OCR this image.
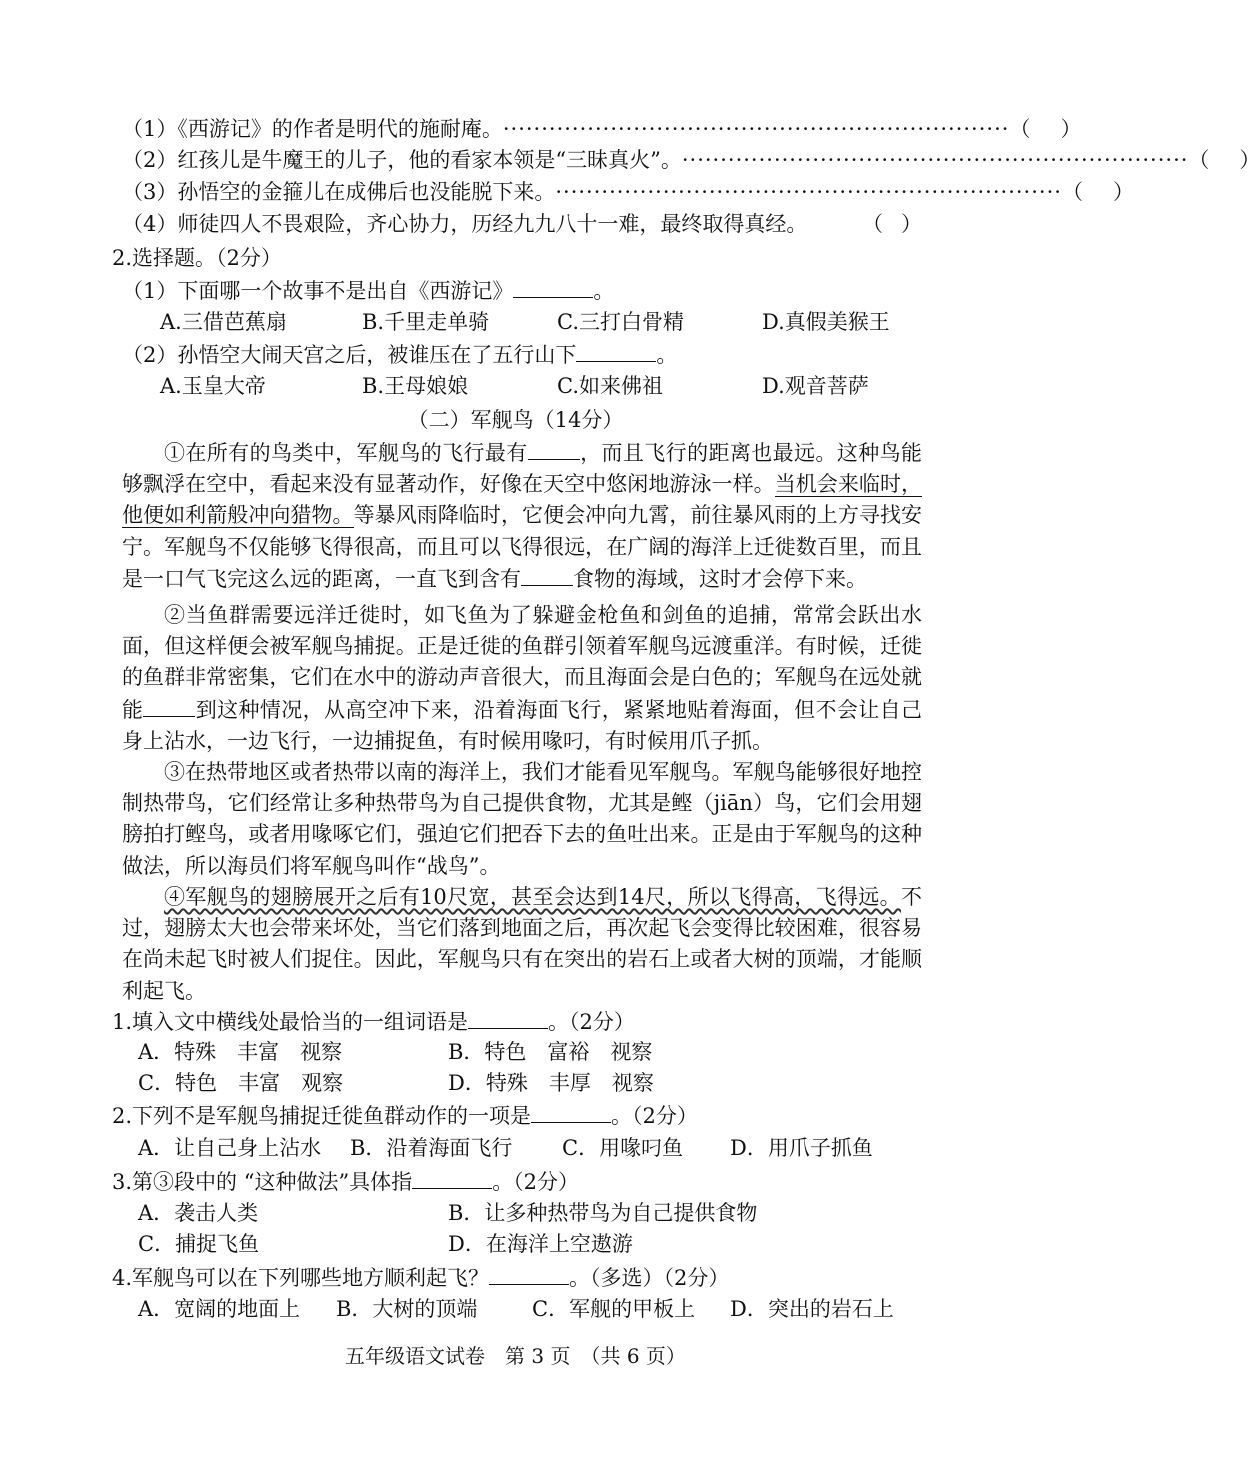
（1）《西游记》的作者是明代的施耐庵。 ·································································· （ ）
（2）红孩儿是牛魔王的儿子，他的看家本领是“三昧真火”。 ·································································· （ ）
（3）孙悟空的金箍儿在成佛后也没能脱下来。 ·································································· （ ）
（4）师徒四人不畏艰险，齐心协力，历经九九八十一难，最终取得真经。	（ ）
2.选择题。（2分）
（1）下面哪一个故事不是出自《西游记》	。
A.三借芭蕉扇	B.千里走单骑	C.三打白骨精	D.真假美猴王
（2）孙悟空大闹天宫之后，被谁压在了五行山下	。
A.玉皇大帝	B.王母娘娘	C.如来佛祖	D.观音菩萨
（二）军舰鸟（14分）
①在所有的鸟类中，军舰鸟的飞行最有 ，而且飞行的距离也最远。这种鸟能够飘浮在空中，看起来没有显著动作，好像在天空中悠闲地游泳一样。当机会来临时，他便如利箭般冲向猎物。等暴风雨降临时，它便会冲向九霄，前往暴风雨的上方寻找安宁。军舰鸟不仅能够飞得很高，而且可以飞得很远，在广阔的海洋上迁徙数百里，而且是一口气飞完这么远的距离，一直飞到含有 食物的海域，这时才会停下来。
②当鱼群需要远洋迁徙时，如飞鱼为了躲避金枪鱼和剑鱼的追捕，常常会跃出水面，但这样便会被军舰鸟捕捉。正是迁徙的鱼群引领着军舰鸟远渡重洋。有时候，迁徙的鱼群非常密集，它们在水中的游动声音很大，而且海面会是白色的；军舰鸟在远处就能 到这种情况，从高空冲下来，沿着海面飞行，紧紧地贴着海面，但不会让自己身上沾水，一边飞行，一边捕捉鱼，有时候用喙叼，有时候用爪子抓。
③在热带地区或者热带以南的海洋上，我们才能看见军舰鸟。军舰鸟能够很好地控制热带鸟，它们经常让多种热带鸟为自己提供食物，尤其是鲣（jiān）鸟，它们会用翅膀拍打鲣鸟，或者用喙啄它们，强迫它们把吞下去的鱼吐出来。正是由于军舰鸟的这种做法，所以海员们将军舰鸟叫作“战鸟”。
④军舰鸟的翅膀展开之后有10尺宽，甚至会达到14尺，所以飞得高，飞得远。不过，翅膀太大也会带来坏处，当它们落到地面之后，再次起飞会变得比较困难，很容易在尚未起飞时被人们捉住。因此，军舰鸟只有在突出的岩石上或者大树的顶端，才能顺利起飞。
1.填入文中横线处最恰当的一组词语是	。（2分）
A．特殊　丰富　视察	B．特色　富裕　视察
C．特色　丰富　观察	D．特殊　丰厚　视察
2.下列不是军舰鸟捕捉迁徙鱼群动作的一项是	。（2分）
A．让自己身上沾水	B．沿着海面飞行	C．用喙叼鱼	D．用爪子抓鱼
3.第③段中的 “这种做法”具体指	。（2分）
A．袭击人类	B．让多种热带鸟为自己提供食物
C．捕捉飞鱼	D．在海洋上空遨游
4.军舰鸟可以在下列哪些地方顺利起飞？	。（多选）（2分）
A．宽阔的地面上	B．大树的顶端	C．军舰的甲板上	D．突出的岩石上
五年级语文试卷　第 3 页　（共 6 页）
